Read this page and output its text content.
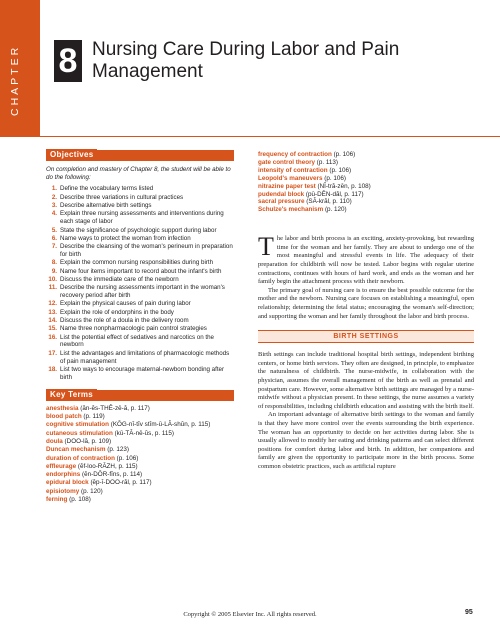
CHAPTER 8 Nursing Care During Labor and Pain Management
Objectives
On completion and mastery of Chapter 8, the student will be able to do the following:
1. Define the vocabulary terms listed
2. Describe three variations in cultural practices
3. Describe alternative birth settings
4. Explain three nursing assessments and interventions during each stage of labor
5. State the significance of psychologic support during labor
6. Name ways to protect the woman from infection
7. Describe the cleansing of the woman's perineum in preparation for birth
8. Explain the common nursing responsibilities during birth
9. Name four items important to record about the infant's birth
10. Discuss the immediate care of the newborn
11. Describe the nursing assessments important in the woman's recovery period after birth
12. Explain the physical causes of pain during labor
13. Explain the role of endorphins in the body
14. Discuss the role of a doula in the delivery room
15. Name three nonpharmacologic pain control strategies
16. List the potential effect of sedatives and narcotics on the newborn
17. List the advantages and limitations of pharmacologic methods of pain management
18. List two ways to encourage maternal-newborn bonding after birth
Key Terms
anesthesia (ăn-ĕs-THĒ-zē-ă, p. 117)
blood patch (p. 119)
cognitive stimulation (KŎG-nĭ-tĭv stĭm-ū-LĀ-shŭn, p. 115)
cutaneous stimulation (kū-TĀ-nē-ŭs, p. 115)
doula (DOO-lă, p. 109)
Duncan mechanism (p. 123)
duration of contraction (p. 106)
effleurage (ĕf-loo-RĂZH, p. 115)
endorphins (ĕn-DŎR-fĭns, p. 114)
epidural block (ĕp-ĭ-DOO-răl, p. 117)
episiotomy (p. 120)
ferning (p. 108)
frequency of contraction (p. 106)
gate control theory (p. 113)
intensity of contraction (p. 106)
Leopold's maneuvers (p. 106)
nitrazine paper test (NĪ-tră-zēn, p. 108)
pudendal block (pū-DĔN-dăl, p. 117)
sacral pressure (SĀ-krăl, p. 110)
Schulze's mechanism (p. 120)
T he labor and birth process is an exciting, anxiety-provoking, but rewarding time for the woman and her family. They are about to undergo one of the most meaningful and stressful events in life. The adequacy of their preparation for childbirth will now be tested. Labor begins with regular uterine contractions, continues with hours of hard work, and ends as the woman and her family begin the attachment process with their newborn.

The primary goal of nursing care is to ensure the best possible outcome for the mother and the newborn. Nursing care focuses on establishing a meaningful, open relationship; determining the fetal status; encouraging the woman's self-direction; and supporting the woman and her family throughout the labor and birth process.

BIRTH SETTINGS

Birth settings can include traditional hospital birth settings, independent birthing centers, or home birth services. They often are designed, in principle, to emphasize the naturalness of childbirth. The nurse-midwife, in collaboration with the physician, assumes the overall management of the birth as well as prenatal and postpartum care. However, some alternative birth settings are managed by a nurse-midwife without a physician present. In these settings, the nurse assumes a variety of responsibilities, including childbirth education and assisting with the birth itself.

An important advantage of alternative birth settings to the woman and family is that they have more control over the events surrounding the birth experience. The woman has an opportunity to decide on her activities during labor. She is usually allowed to modify her eating and drinking patterns and can select different positions for comfort during labor and birth. In addition, her companions and family are given the opportunity to participate more in the birth process. Some common obstetric practices, such as artificial rupture

Copyright © 2005 Elsevier Inc. All rights reserved.	95
